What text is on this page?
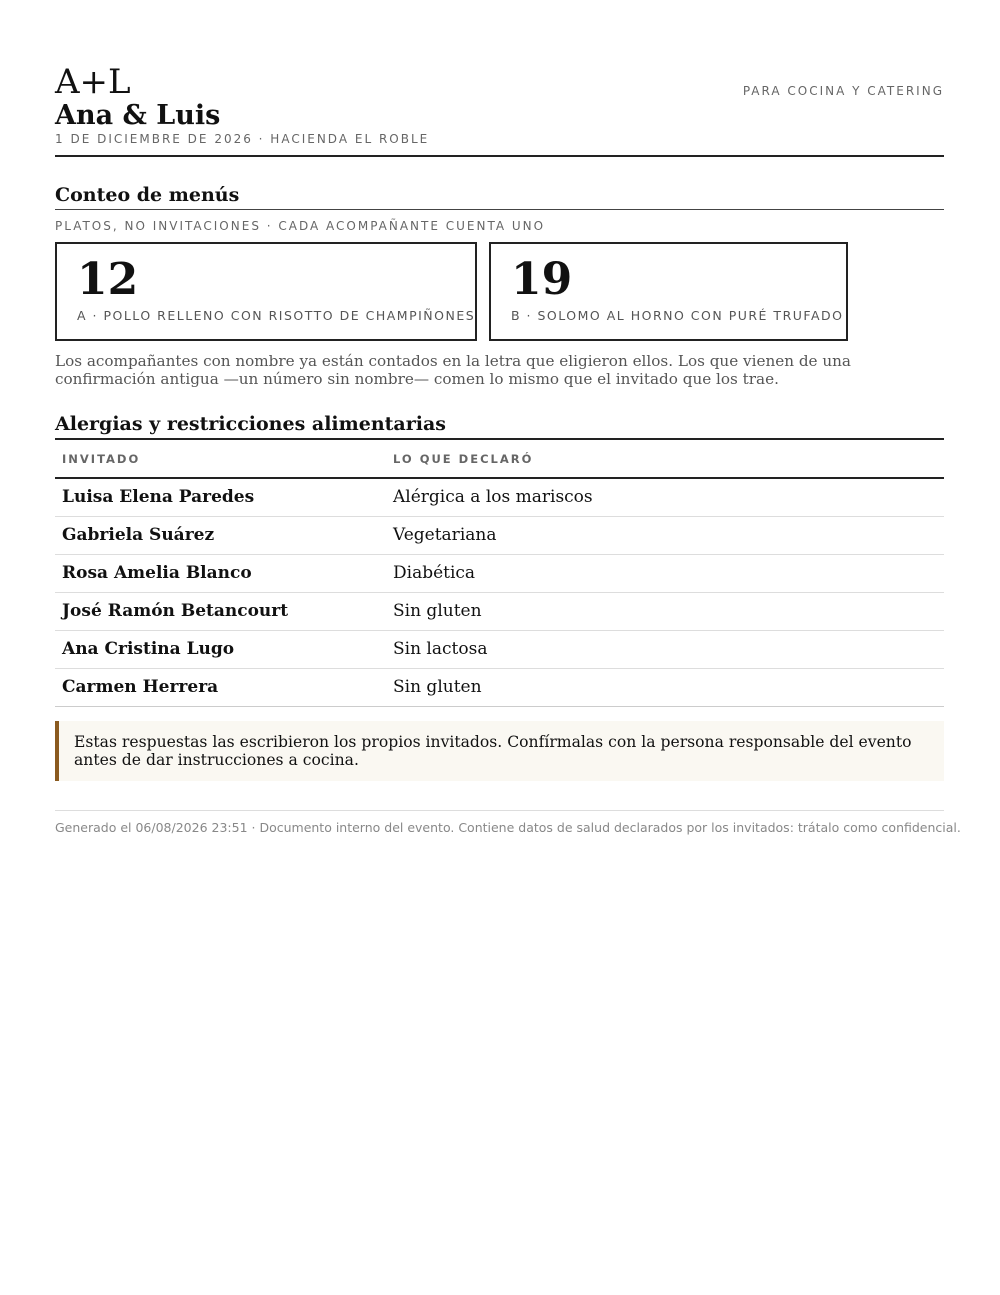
A+L
Ana & Luis
1 DE DICIEMBRE DE 2026 · HACIENDA EL ROBLE
PARA COCINA Y CATERING
Conteo de menús
PLATOS, NO INVITACIONES · CADA ACOMPAÑANTE CUENTA UNO
12
A · POLLO RELLENO CON RISOTTO DE CHAMPIÑONES
19
B · SOLOMO AL HORNO CON PURÉ TRUFADO
Los acompañantes con nombre ya están contados en la letra que eligieron ellos. Los que vienen de una confirmación antigua —un número sin nombre— comen lo mismo que el invitado que los trae.
Alergias y restricciones alimentarias
INVITADO	LO QUE DECLARÓ
Luisa Elena Paredes	Alérgica a los mariscos
Gabriela Suárez	Vegetariana
Rosa Amelia Blanco	Diabética
José Ramón Betancourt	Sin gluten
Ana Cristina Lugo	Sin lactosa
Carmen Herrera	Sin gluten
Estas respuestas las escribieron los propios invitados. Confírmalas con la persona responsable del evento antes de dar instrucciones a cocina.
Generado el 06/08/2026 23:51 · Documento interno del evento. Contiene datos de salud declarados por los invitados: trátalo como confidencial.
